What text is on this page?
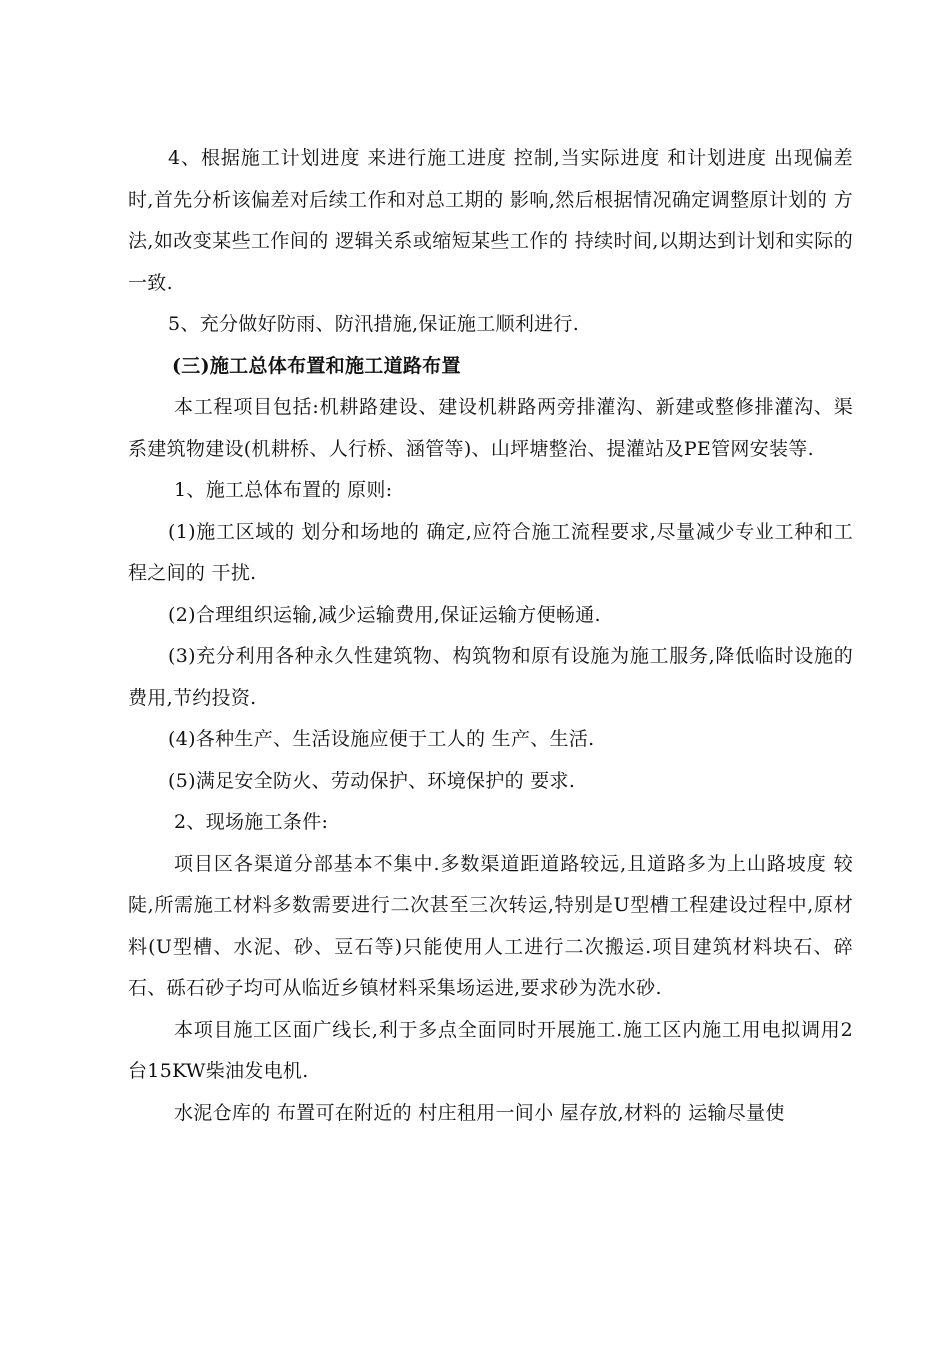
4、根据施工计划进度 来进行施工进度 控制,当实际进度 和计划进度 出现偏差时,首先分析该偏差对后续工作和对总工期的 影响,然后根据情况确定调整原计划的 方法,如改变某些工作间的 逻辑关系或缩短某些工作的 持续时间,以期达到计划和实际的 一致.

5、充分做好防雨、防汛措施,保证施工顺利进行.

(三)施工总体布置和施工道路布置

本工程项目包括:机耕路建设、建设机耕路两旁排灌沟、新建或整修排灌沟、渠系建筑物建设(机耕桥、人行桥、涵管等)、山坪塘整治、提灌站及PE管网安装等.

1、施工总体布置的 原则:

(1)施工区域的 划分和场地的 确定,应符合施工流程要求,尽量减少专业工种和工程之间的 干扰.

(2)合理组织运输,减少运输费用,保证运输方便畅通.

(3)充分利用各种永久性建筑物、构筑物和原有设施为施工服务,降低临时设施的 费用,节约投资.

(4)各种生产、生活设施应便于工人的 生产、生活.

(5)满足安全防火、劳动保护、环境保护的 要求.

2、现场施工条件:

项目区各渠道分部基本不集中.多数渠道距道路较远,且道路多为上山路坡度 较陡,所需施工材料多数需要进行二次甚至三次转运,特别是U型槽工程建设过程中,原材料(U型槽、水泥、砂、豆石等)只能使用人工进行二次搬运.项目建筑材料块石、碎石、砾石砂子均可从临近乡镇材料采集场运进,要求砂为洗水砂.

本项目施工区面广线长,利于多点全面同时开展施工.施工区内施工用电拟调用2台15KW柴油发电机.

水泥仓库的 布置可在附近的 村庄租用一间小 屋存放,材料的 运输尽量使
